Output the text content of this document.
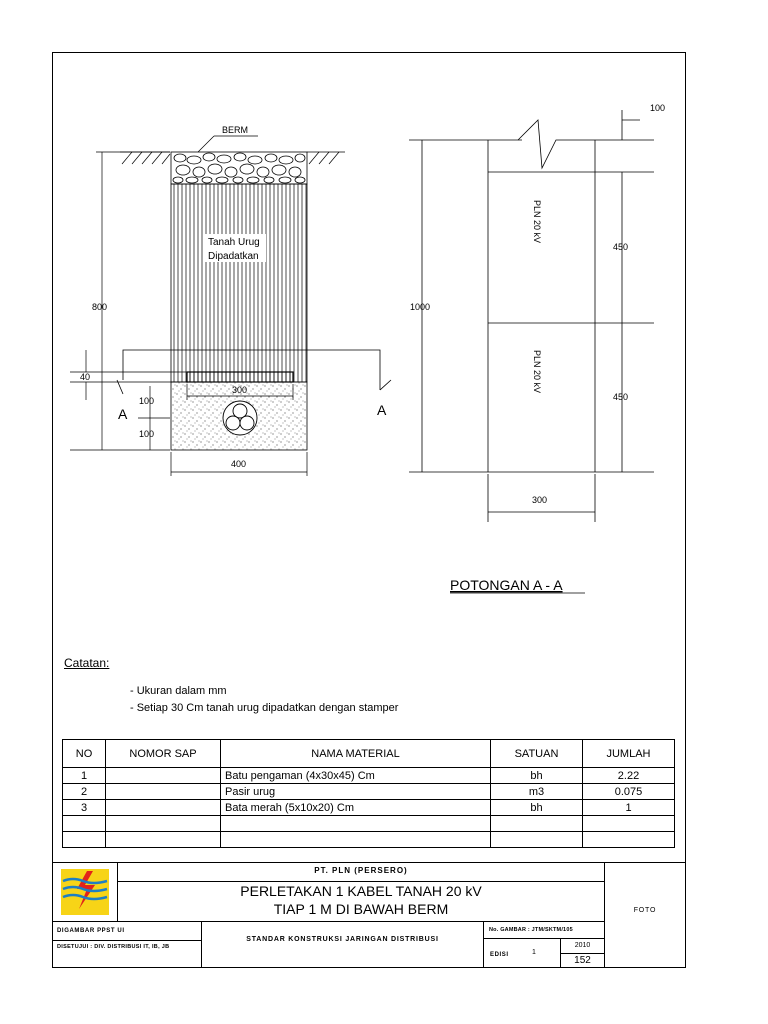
Tanah Urug
Dipadatkan
A	A
BERM
800
40
100
100
300
400
100
1000
450
450
300
PLN 20 kV
PLN 20 kV
POTONGAN A - A
Catatan:
- Ukuran dalam mm
- Setiap 30 Cm tanah urug dipadatkan dengan stamper
NO	NOMOR SAP	NAMA MATERIAL	SATUAN	JUMLAH
1		Batu pengaman (4x30x45) Cm	bh	2.22
2		Pasir urug	m3	0.075
3		Bata merah (5x10x20) Cm	bh	1

PT. PLN (PERSERO)
PERLETAKAN 1 KABEL TANAH 20 kV
TIAP 1 M DI BAWAH BERM
DIGAMBAR PPST UI
DISETUJUI : DIV. DISTRIBUSI IT, IB, JB
STANDAR KONSTRUKSI JARINGAN DISTRIBUSI
No. GAMBAR : JTM/SKTM/105
EDISI	1
2010
152
FOTO
